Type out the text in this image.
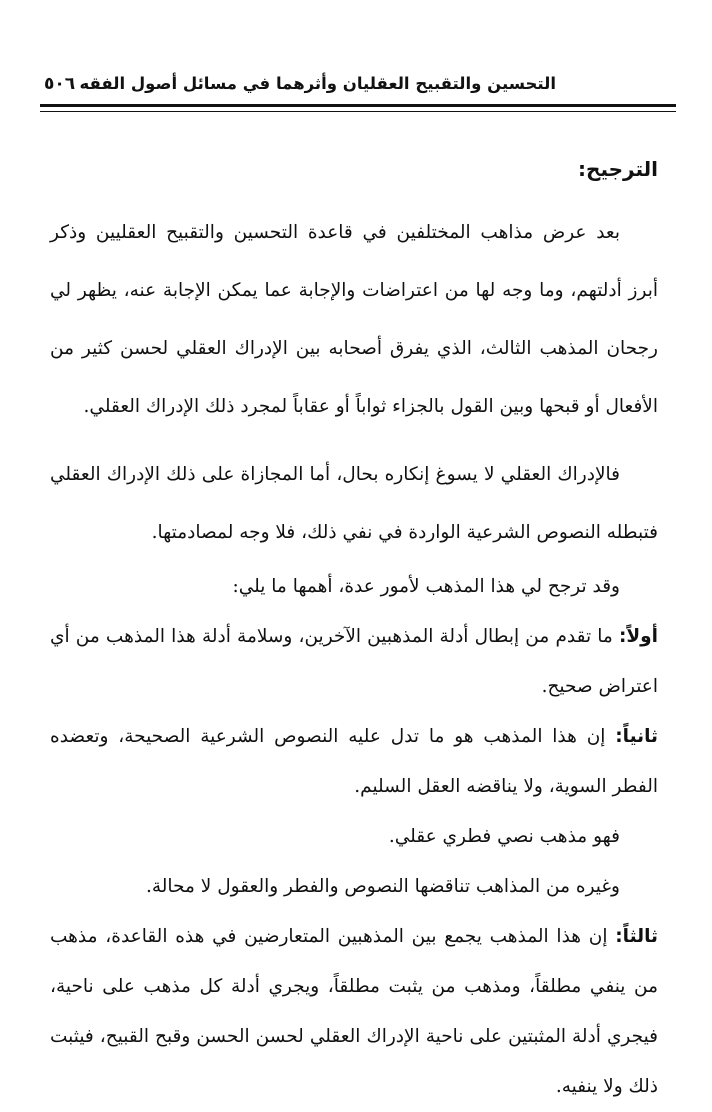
التحسين والتقبيح العقليان وأثرهما في مسائل أصول الفقه
٥٠٦

الترجيح:

بعد عرض مذاهب المختلفين في قاعدة التحسين والتقبيح العقليين وذكر أبرز أدلتهم، وما وجه لها من اعتراضات والإجابة عما يمكن الإجابة عنه، يظهر لي رجحان المذهب الثالث، الذي يفرق أصحابه بين الإدراك العقلي لحسن كثير من الأفعال أو قبحها وبين القول بالجزاء ثواباً أو عقاباً لمجرد ذلك الإدراك العقلي.

فالإدراك العقلي لا يسوغ إنكاره بحال، أما المجازاة على ذلك الإدراك العقلي فتبطله النصوص الشرعية الواردة في نفي ذلك، فلا وجه لمصادمتها.

وقد ترجح لي هذا المذهب لأمور عدة، أهمها ما يلي:

أولاً: ما تقدم من إبطال أدلة المذهبين الآخرين، وسلامة أدلة هذا المذهب من أي اعتراض صحيح.

ثانياً: إن هذا المذهب هو ما تدل عليه النصوص الشرعية الصحيحة، وتعضده الفطر السوية، ولا يناقضه العقل السليم.

فهو مذهب نصي فطري عقلي.

وغيره من المذاهب تناقضها النصوص والفطر والعقول لا محالة.

ثالثاً: إن هذا المذهب يجمع بين المذهبين المتعارضين في هذه القاعدة، مذهب من ينفي مطلقاً، ومذهب من يثبت مطلقاً، ويجري أدلة كل مذهب على ناحية، فيجري أدلة المثبتين على ناحية الإدراك العقلي لحسن الحسن وقبح القبيح، فيثبت ذلك ولا ينفيه.
